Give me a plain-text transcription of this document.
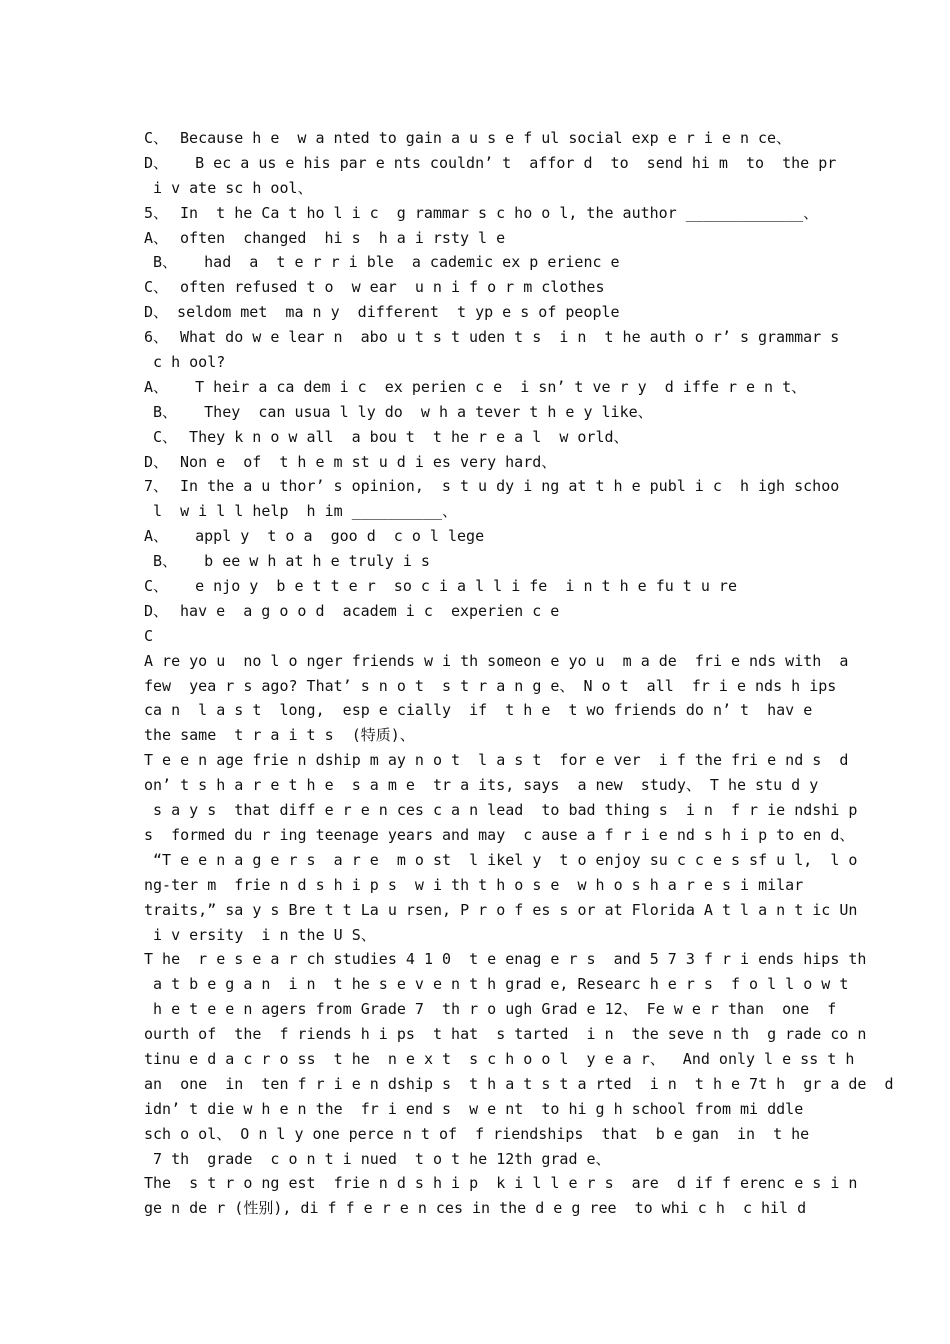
C、Because h e  w a nted to gain a u s e f ul social exp e r i e n ce、
D、   B ec a us e his par e nts couldn’ t  affor d  to  send hi m  to  the pr
i v ate sc h ool、
5、In  t he Ca t ho l i c  g rammar s c ho o l, the author _____________、
A、often  changed  hi s  h a i rsty l e
B、   had  a  t e r r i ble  a cademic ex p erienc e
C、often refused t o  w ear  u n i f o r m clothes
D、 seldom met  ma n y  different  t yp e s of people
6、What do w e lear n  abo u t s t uden t s  i n  t he auth o r’ s grammar s
c h ool?
A、   T heir a ca dem i c  ex perien c e  i sn’ t ve r y  d iffe r e n t、
B、   They  can usua l ly do  w h a tever t h e y like、
C、They k n o w all  a bou t  t he r e a l  w orld、
D、Non e  of  t h e m st u d i es very hard、
7、In the a u thor’ s opinion,  s t u dy i ng at t h e publ i c  h igh schoo
l  w i l l help  h im __________、
A、   appl y  t o a  goo d  c o l lege
B、   b ee w h at h e truly i s
C、   e njo y  b e t t e r  so c i a l l i fe  i n t h e fu t u re
D、hav e  a g o o d  academ i c  experien c e
C
A re yo u  no l o nger friends w i th someon e yo u  m a de  fri e nds with  a
few  yea r s ago? That’ s n o t  s t r a n g e、 N o t  all  fr i e nds h ips
ca n  l a s t  long,  esp e cially  if  t h e  t wo friends do n’ t  hav e
the same  t r a i t s  (特质)、
T e e n age frie n dship m ay n o t  l a s t  for e ver  i f the fri e nd s  d
on’ t s h a r e t h e  s a m e  tr a its, says  a new  study、 T he stu d y
s a y s  that diff e r e n ces c a n lead  to bad thing s  i n  f r ie ndshi p
s  formed du r ing teenage years and may  c ause a f r i e nd s h i p to en d、
“T e e n a g e r s  a r e  m o st  l ikel y  t o enjoy su c c e s sf u l,  l o
ng-ter m  frie n d s h i p s  w i th t h o s e  w h o s h a r e s i milar
traits,” sa y s Bre t t La u rsen, P r o f es s or at Florida A t l a n t ic Un
i v ersity  i n the U S、
T he  r e s e a r ch studies 4 1 0  t e enag e r s  and 5 7 3 f r i ends hips th
a t b e g a n  i n  t he s e v e n t h grad e, Researc h e r s  f o l l o w t
h e t e e n agers from Grade 7  th r o ugh Grad e 12、 Fe w e r than  one  f
ourth of  the  f riends h i ps  t hat  s tarted  i n  the seve n th  g rade co n
tinu e d a c r o ss  t he  n e x t  s c h o o l  y e a r、  And only l e ss t h
an  one  in  ten f r i e n dship s  t h a t s t a rted  i n  t h e 7t h  gr a de  d
idn’ t die w h e n the  fr i end s  w e nt  to hi g h school from mi ddle
sch o ol、 O n l y one perce n t of  f riendships  that  b e gan  in  t he
7 th  grade  c o n t i nued  t o t he 12th grad e、
The  s t r o ng est  frie n d s h i p  k i l l e r s  are  d if f erenc e s i n
ge n de r (性别), di f f e r e n ces in the d e g ree  to whi c h  c hil d
